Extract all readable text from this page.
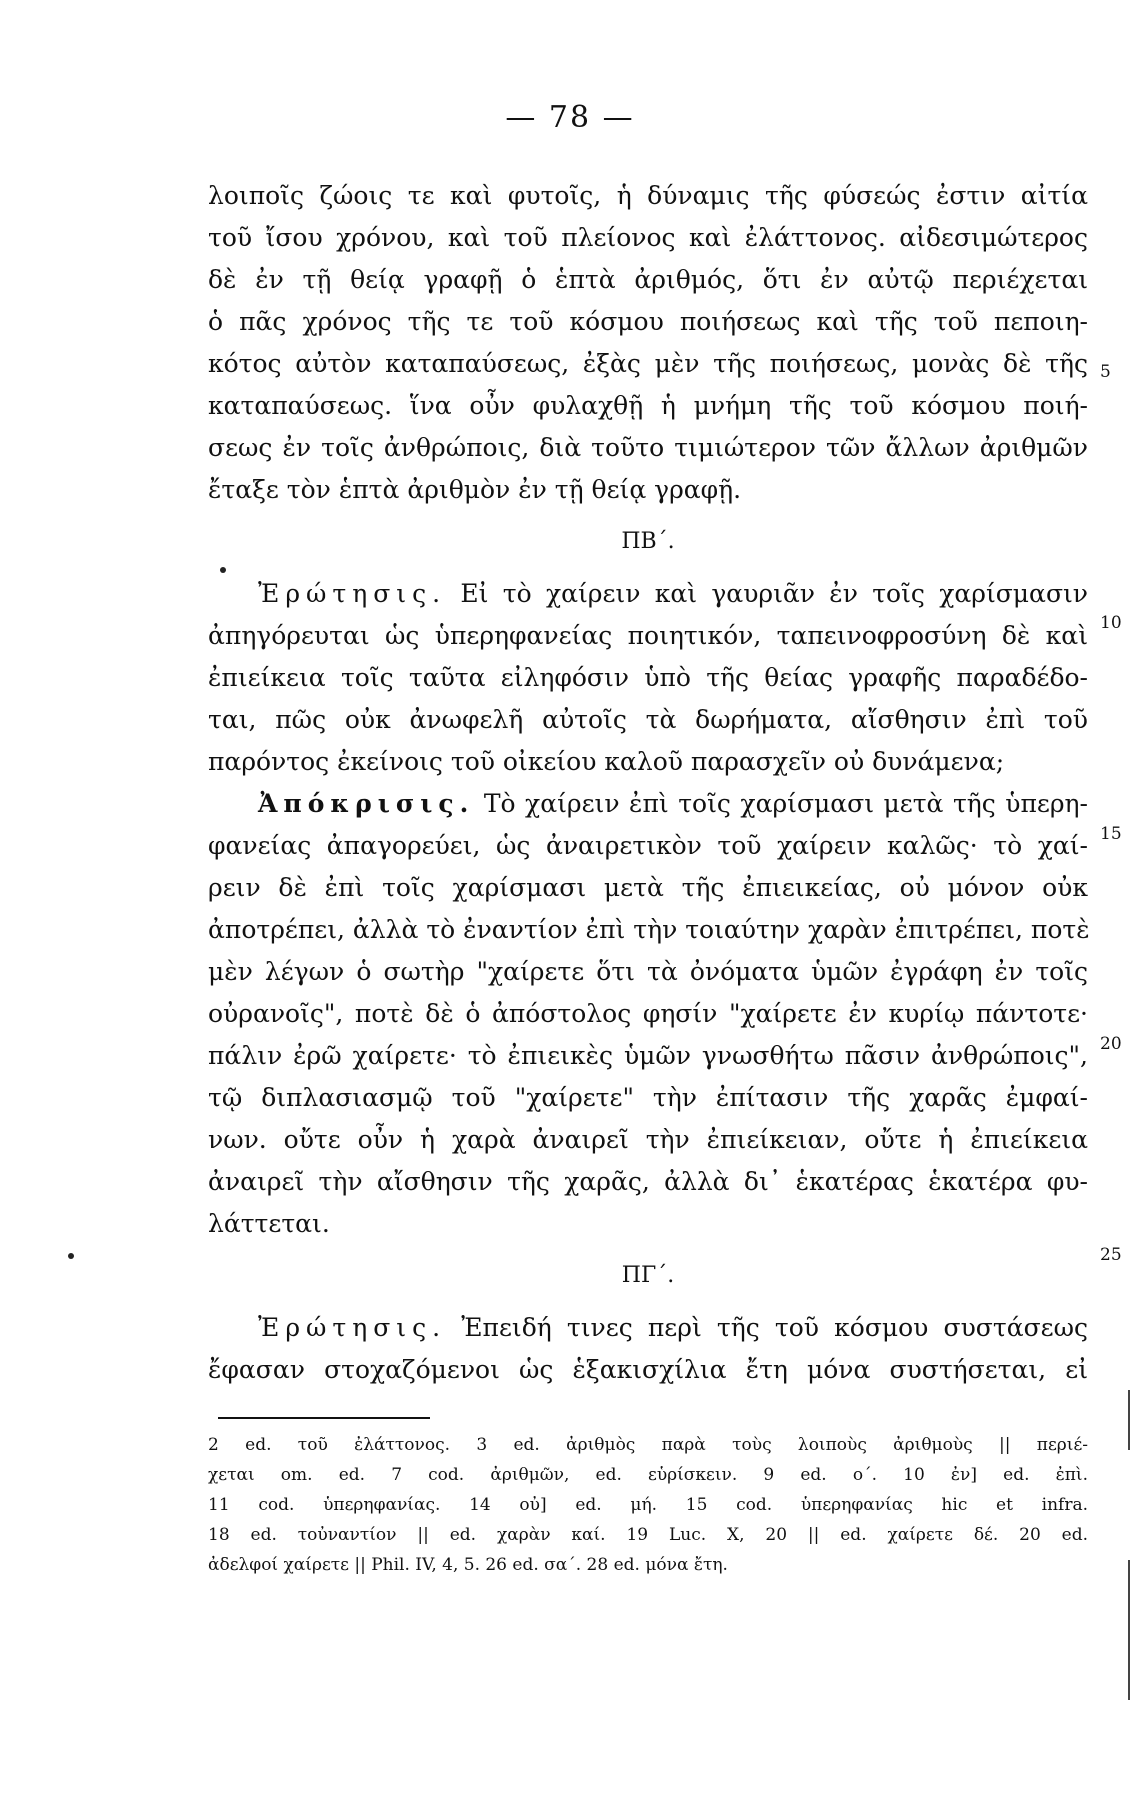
— 78 —
λοιποῖς ζώοις τε καὶ φυτοῖς, ἡ δύναμις τῆς φύσεώς ἐστιν αἰτία
τοῦ ἴσου χρόνου, καὶ τοῦ πλείονος καὶ ἐλάττονος. αἰδεσιμώτερος
δὲ ἐν τῇ θείᾳ γραφῇ ὁ ἑπτὰ ἀριθμός, ὅτι ἐν αὐτῷ περιέχεται
ὁ πᾶς χρόνος τῆς τε τοῦ κόσμου ποιήσεως καὶ τῆς τοῦ πεποιη-
κότος αὐτὸν καταπαύσεως, ἐξὰς μὲν τῆς ποιήσεως, μονὰς δὲ τῆς
καταπαύσεως. ἵνα οὖν φυλαχθῇ ἡ μνήμη τῆς τοῦ κόσμου ποιή-
σεως ἐν τοῖς ἀνθρώποις, διὰ τοῦτο τιμιώτερον τῶν ἄλλων ἀριθμῶν
ἔταξε τὸν ἑπτὰ ἀριθμὸν ἐν τῇ θείᾳ γραφῇ.
ΠΒ΄.
Ἐρώτησις. Εἰ τὸ χαίρειν καὶ γαυριᾶν ἐν τοῖς χαρίσμασιν
ἀπηγόρευται ὡς ὑπερηφανείας ποιητικόν, ταπεινοφροσύνη δὲ καὶ
ἐπιείκεια τοῖς ταῦτα εἰληφόσιν ὑπὸ τῆς θείας γραφῆς παραδέδο-
ται, πῶς οὐκ ἀνωφελῆ αὐτοῖς τὰ δωρήματα, αἴσθησιν ἐπὶ τοῦ
παρόντος ἐκείνοις τοῦ οἰκείου καλοῦ παρασχεῖν οὐ δυνάμενα;
Ἀπόκρισις. Τὸ χαίρειν ἐπὶ τοῖς χαρίσμασι μετὰ τῆς ὑπερη-
φανείας ἀπαγορεύει, ὡς ἀναιρετικὸν τοῦ χαίρειν καλῶς· τὸ χαί-
ρειν δὲ ἐπὶ τοῖς χαρίσμασι μετὰ τῆς ἐπιεικείας, οὐ μόνον οὐκ
ἀποτρέπει, ἀλλὰ τὸ ἐναντίον ἐπὶ τὴν τοιαύτην χαρὰν ἐπιτρέπει, ποτὲ
μὲν λέγων ὁ σωτὴρ "χαίρετε ὅτι τὰ ὀνόματα ὑμῶν ἐγράφη ἐν τοῖς
οὐρανοῖς", ποτὲ δὲ ὁ ἀπόστολος φησίν "χαίρετε ἐν κυρίῳ πάντοτε·
πάλιν ἐρῶ χαίρετε· τὸ ἐπιεικὲς ὑμῶν γνωσθήτω πᾶσιν ἀνθρώποις",
τῷ διπλασιασμῷ τοῦ "χαίρετε" τὴν ἐπίτασιν τῆς χαρᾶς ἐμφαί-
νων. οὔτε οὖν ἡ χαρὰ ἀναιρεῖ τὴν ἐπιείκειαν, οὔτε ἡ ἐπιείκεια
ἀναιρεῖ τὴν αἴσθησιν τῆς χαρᾶς, ἀλλὰ δι᾽ ἑκατέρας ἑκατέρα φυ-
λάττεται.
ΠΓ΄.
Ἐρώτησις. Ἐπειδή τινες περὶ τῆς τοῦ κόσμου συστάσεως
ἔφασαν στοχαζόμενοι ὡς ἑξακισχίλια ἔτη μόνα συστήσεται, εἰ
5
10
15
20
25
2 ed. τοῦ ἐλάττονος. 3 ed. ἀριθμὸς παρὰ τοὺς λοιποὺς ἀριθμοὺς || περιέ-
χεται om. ed. 7 cod. ἀριθμῶν, ed. εὑρίσκειν. 9 ed. ο΄. 10 ἐν] ed. ἐπὶ.
11 cod. ὑπερηφανίας. 14 οὐ] ed. μή. 15 cod. ὑπερηφανίας hic et infra.
18 ed. τοὐναντίον || ed. χαρὰν καί. 19 Luc. X, 20 || ed. χαίρετε δέ. 20 ed.
ἀδελφοί χαίρετε || Phil. IV, 4, 5. 26 ed. σα΄. 28 ed. μόνα ἔτη.
